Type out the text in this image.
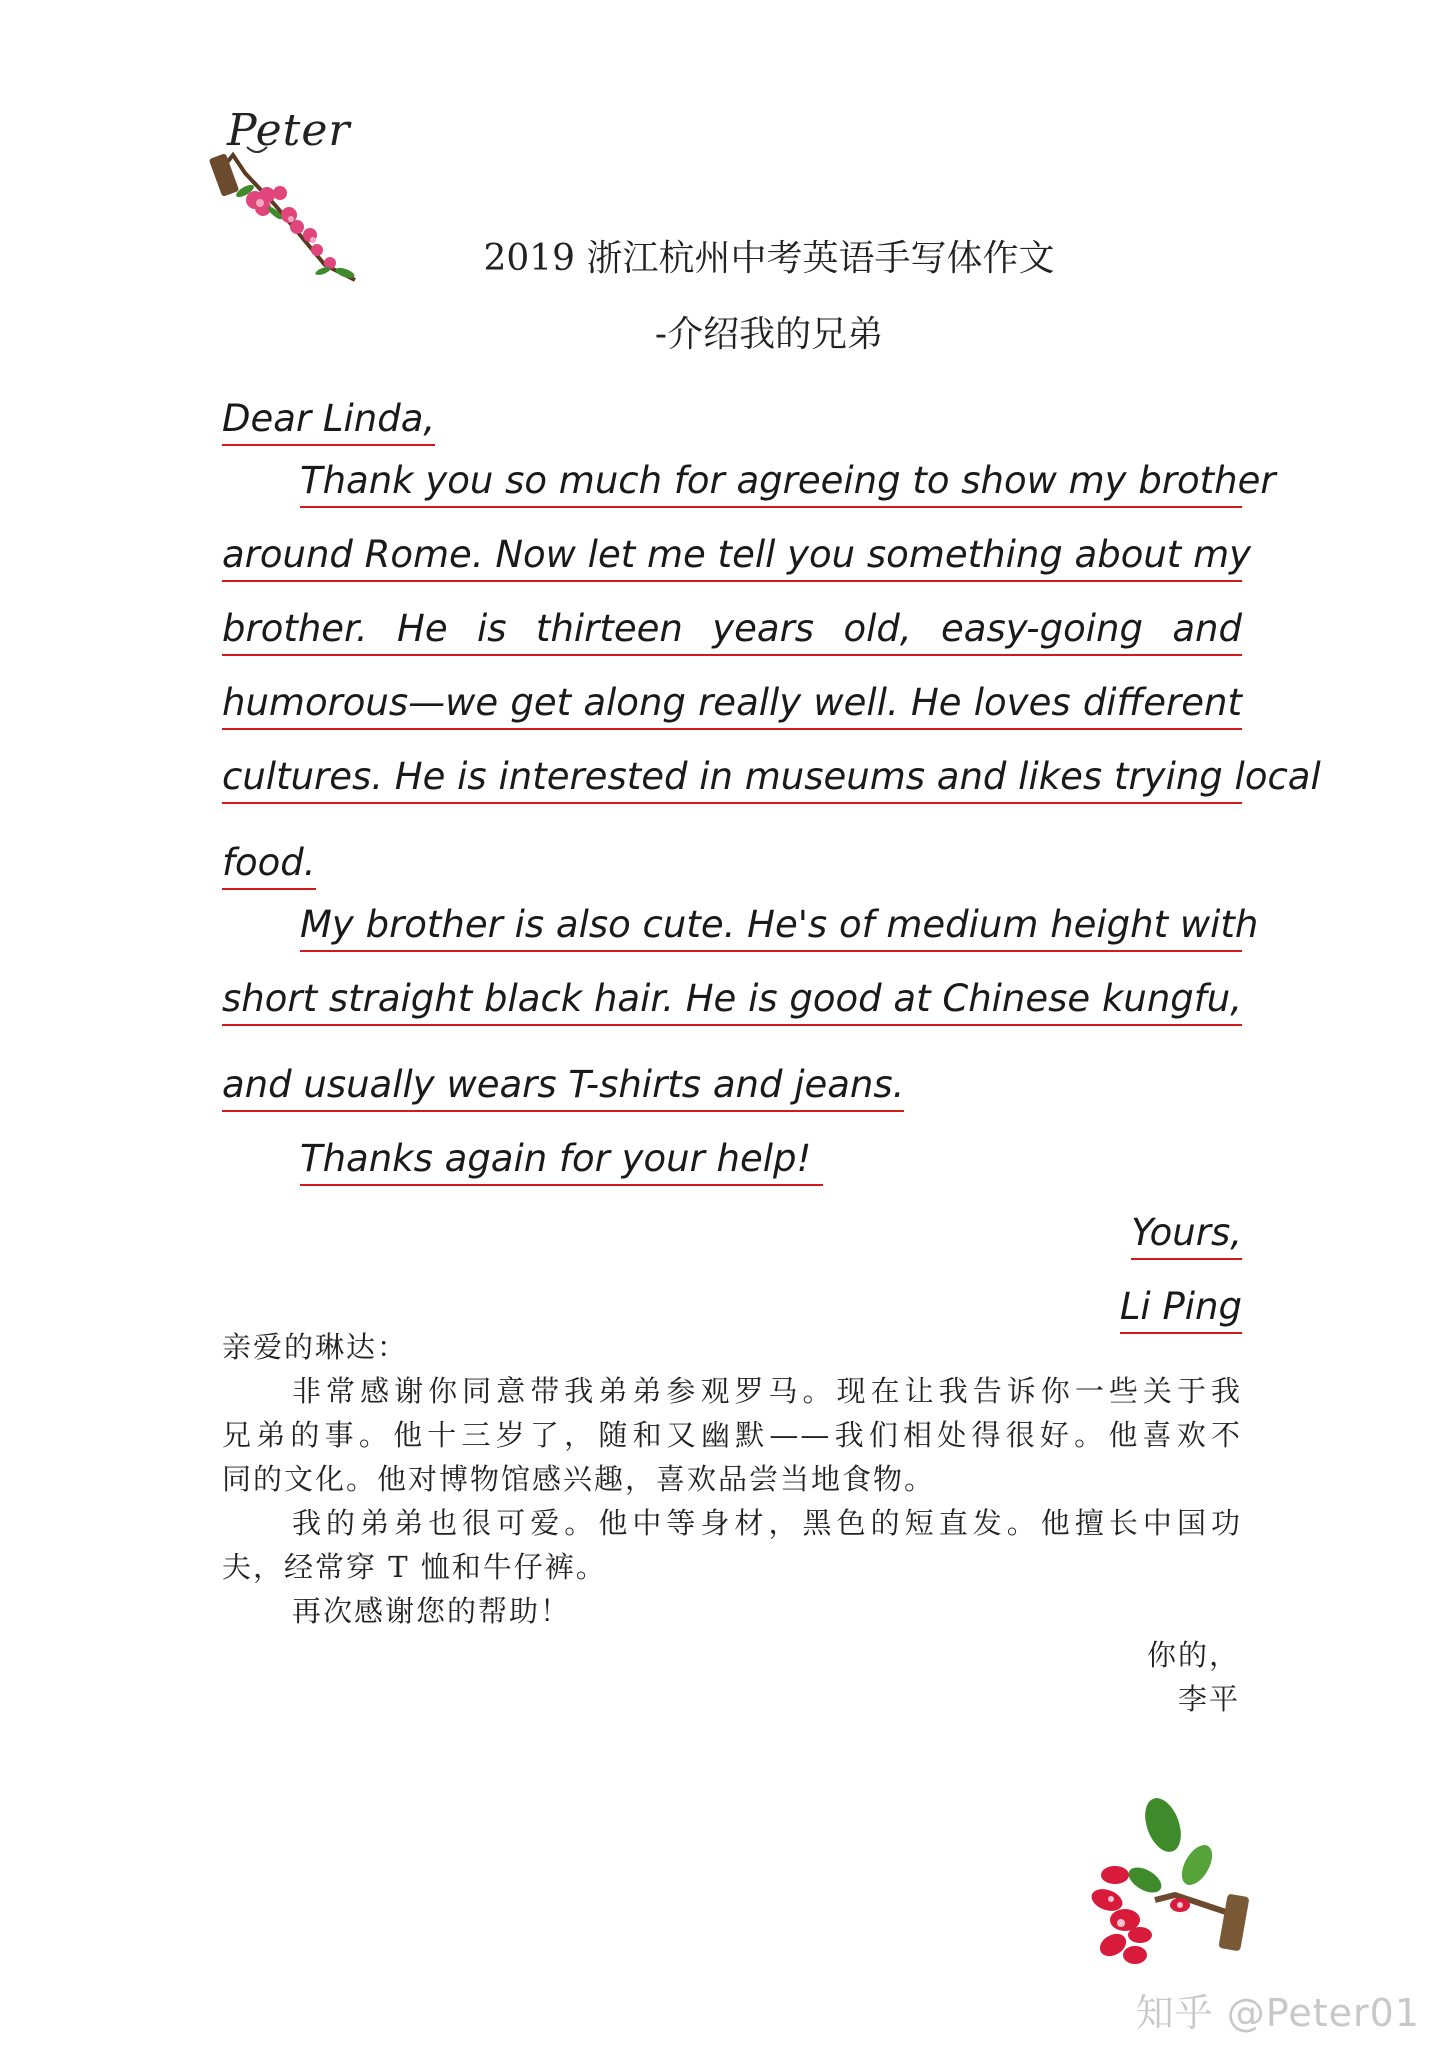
Peter
2019 浙江杭州中考英语手写体作文
-介绍我的兄弟
Dear Linda,
Thank you so much for agreeing to show my brother
around Rome. Now let me tell you something about my
brother. He is thirteen years old, easy-going and
humorous—we get along really well. He loves different
cultures. He is interested in museums and likes trying local
food.
My brother is also cute. He's of medium height with
short straight black hair. He is good at Chinese kungfu,
and usually wears T-shirts and jeans.
Thanks again for your help!
Yours,
Li Ping
亲爱的琳达：
非常感谢你同意带我弟弟参观罗马。现在让我告诉你一些关于我
兄弟的事。他十三岁了，随和又幽默——我们相处得很好。他喜欢不
同的文化。他对博物馆感兴趣，喜欢品尝当地食物。
我的弟弟也很可爱。他中等身材，黑色的短直发。他擅长中国功
夫，经常穿 T 恤和牛仔裤。
再次感谢您的帮助！
你的，
李平
知乎 @Peter01
